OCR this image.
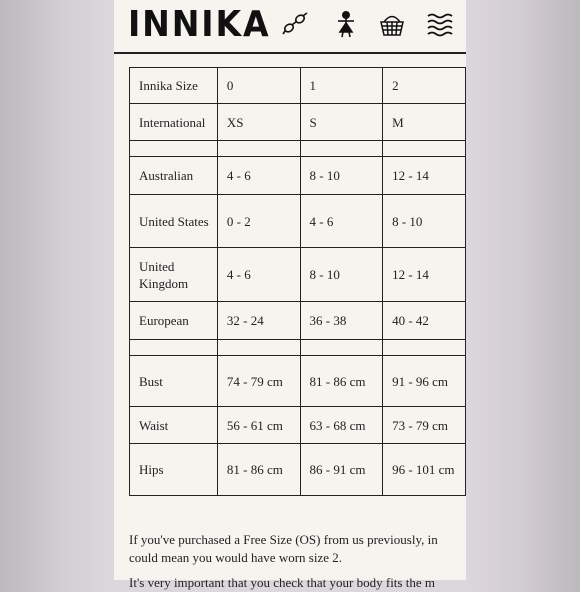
INNIKA
Innika Size	0	1	2
International	XS	S	M

Australian	4 - 6	8 - 10	12 - 14
United States	0 - 2	4 - 6	8 - 10
United Kingdom	4 - 6	8 - 10	12 - 14
European	32 - 24	36 - 38	40 - 42

Bust	74 - 79 cm	81 - 86 cm	91 - 96 cm
Waist	56 - 61 cm	63 - 68 cm	73 - 79 cm
Hips	81 - 86 cm	86 - 91 cm	96 - 101 cm

If you've purchased a Free Size (OS) from us previously, in could mean you would have worn size 2.

It's very important that you check that your body fits the m
